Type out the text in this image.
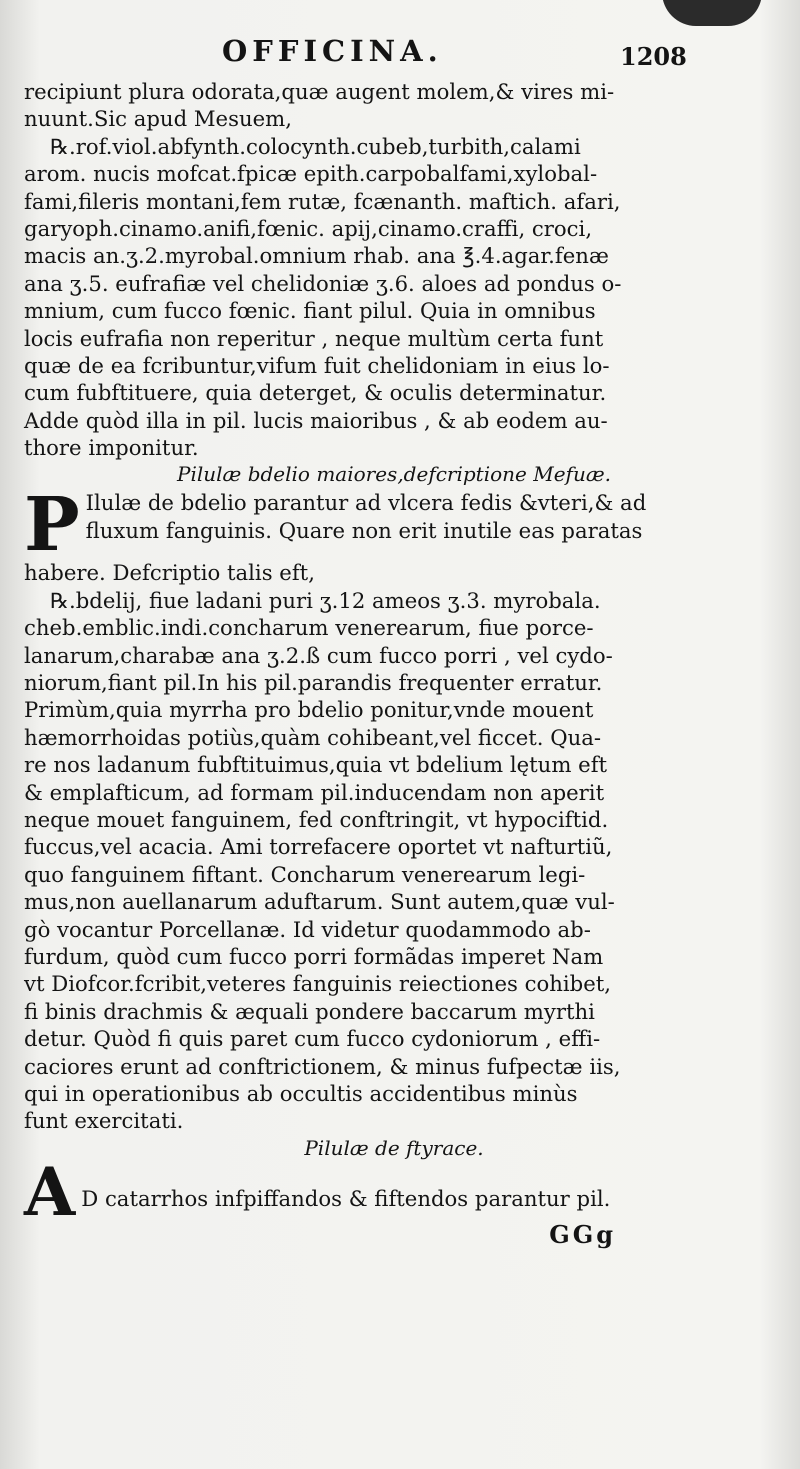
OFFICINA.	1208
recipiunt plura odorata,quæ augent molem,& vires mi-
nuunt.Sic apud Mesuem,
℞.rof.viol.abfynth.colocynth.cubeb,turbith,calami
arom. nucis mofcat.fpicæ epith.carpobalfami,xylobal-
fami,fileris montani,fem rutæ, fcænanth. maftich. afari,
garyoph.cinamo.anifi,fœnic. apij,cinamo.craffi, croci,
macis an.ʒ.2.myrobal.omnium rhab. ana ℥.4.agar.fenæ
ana ʒ.5. eufrafiæ vel chelidoniæ ʒ.6. aloes ad pondus o-
mnium, cum fucco fœnic. fiant pilul. Quia in omnibus
locis eufrafia non reperitur , neque multùm certa funt
quæ de ea fcribuntur,vifum fuit chelidoniam in eius lo-
cum fubftituere, quia deterget, & oculis determinatur.
Adde quòd illa in pil. lucis maioribus , & ab eodem au-
thore imponitur.
Pilulæ bdelio maiores,defcriptione Mefuæ.
P Ilulæ de bdelio parantur ad vlcera fedis &vteri,& ad
fluxum fanguinis. Quare non erit inutile eas paratas
habere. Defcriptio talis eft,
℞.bdelij, fiue ladani puri ʒ.12 ameos ʒ.3. myrobala.
cheb.emblic.indi.concharum venerearum, fiue porce-
lanarum,charabæ ana ʒ.2.ß cum fucco porri , vel cydo-
niorum,fiant pil.In his pil.parandis frequenter erratur.
Primùm,quia myrrha pro bdelio ponitur,vnde mouent
hæmorrhoidas potiùs,quàm cohibeant,vel ficcet. Qua-
re nos ladanum fubftituimus,quia vt bdelium lętum eft
& emplafticum, ad formam pil.inducendam non aperit
neque mouet fanguinem, fed conftringit, vt hypociftid.
fuccus,vel acacia. Ami torrefacere oportet vt nafturtiũ,
quo fanguinem fiftant. Concharum venerearum legi-
mus,non auellanarum aduftarum. Sunt autem,quæ vul-
gò vocantur Porcellanæ. Id videtur quodammodo ab-
furdum, quòd cum fucco porri formãdas imperet Nam
vt Diofcor.fcribit,veteres fanguinis reiectiones cohibet,
fi binis drachmis & æquali pondere baccarum myrthi
detur. Quòd fi quis paret cum fucco cydoniorum , effi-
caciores erunt ad conftrictionem, & minus fufpectæ iis,
qui in operationibus ab occultis accidentibus minùs
funt exercitati.
Pilulæ de ftyrace.
A D catarrhos infpiffandos & fiftendos parantur pil.
GGg
